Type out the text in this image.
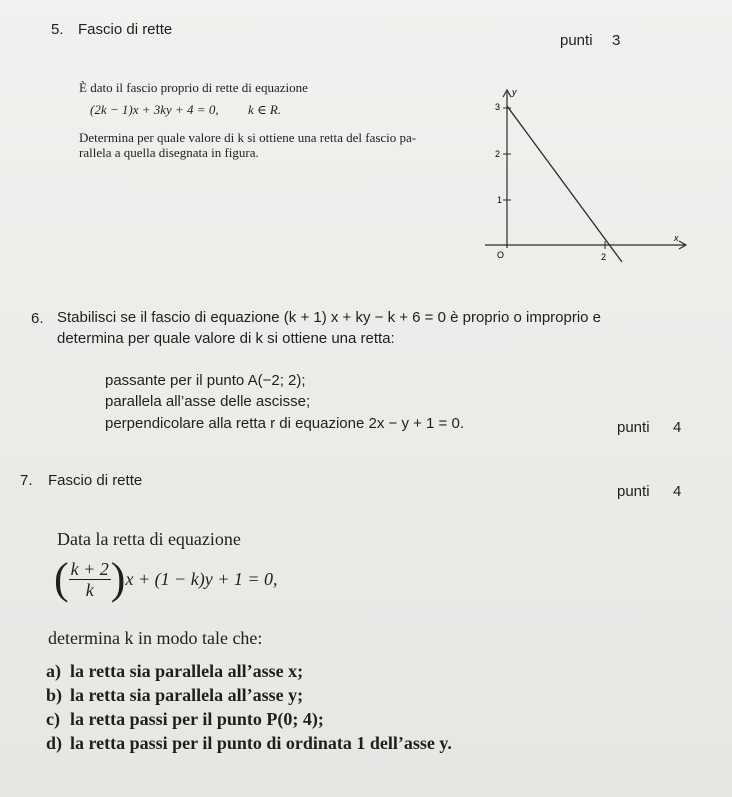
5. Fascio di rette
punti 3
È dato il fascio proprio di rette di equazione
(2k − 1)x + 3ky + 4 = 0, k ∈ R.
Determina per quale valore di k si ottiene una retta del fascio pa-
rallela a quella disegnata in figura.
y
x
O
3
2
1
2
6. Stabilisci se il fascio di equazione (k + 1) x + ky − k + 6 = 0 è proprio o improprio e
determina per quale valore di k si ottiene una retta:
passante per il punto A(−2; 2);
parallela all’asse delle ascisse;
perpendicolare alla retta r di equazione 2x − y + 1 = 0.	punti 4
7. Fascio di rette
punti 4
Data la retta di equazione
( $\frac{k + 2}{k} )x + (1 - k)y + 1 = 0$,
determina k in modo tale che:
a) la retta sia parallela all’asse x;
b) la retta sia parallela all’asse y;
c) la retta passi per il punto P(0; 4);
d) la retta passi per il punto di ordinata 1 dell’asse y.
